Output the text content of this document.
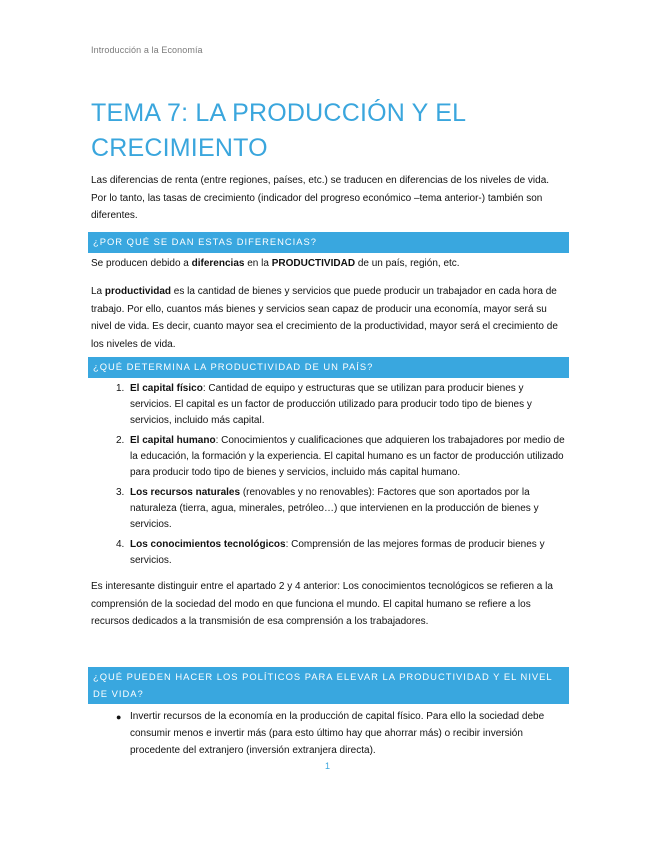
Introducción a la Economía
TEMA 7: LA PRODUCCIÓN Y EL CRECIMIENTO

Las diferencias de renta (entre regiones, países, etc.) se traducen en diferencias de los niveles de vida. Por lo tanto, las tasas de crecimiento (indicador del progreso económico –tema anterior-) también son diferentes.

¿POR QUÉ SE DAN ESTAS DIFERENCIAS?

Se producen debido a diferencias en la PRODUCTIVIDAD de un país, región, etc.

La productividad es la cantidad de bienes y servicios que puede producir un trabajador en cada hora de trabajo. Por ello, cuantos más bienes y servicios sean capaz de producir una economía, mayor será su nivel de vida. Es decir, cuanto mayor sea el crecimiento de la productividad, mayor será el crecimiento de los niveles de vida.

¿QUÉ DETERMINA LA PRODUCTIVIDAD DE UN PAÍS?
1. El capital físico: Cantidad de equipo y estructuras que se utilizan para producir bienes y servicios. El capital es un factor de producción utilizado para producir todo tipo de bienes y servicios, incluido más capital.
2. El capital humano: Conocimientos y cualificaciones que adquieren los trabajadores por medio de la educación, la formación y la experiencia. El capital humano es un factor de producción utilizado para producir todo tipo de bienes y servicios, incluido más capital humano.
3. Los recursos naturales (renovables y no renovables): Factores que son aportados por la naturaleza (tierra, agua, minerales, petróleo…) que intervienen en la producción de bienes y servicios.
4. Los conocimientos tecnológicos: Comprensión de las mejores formas de producir bienes y servicios.

Es interesante distinguir entre el apartado 2 y 4 anterior: Los conocimientos tecnológicos se refieren a la comprensión de la sociedad del modo en que funciona el mundo. El capital humano se refiere a los recursos dedicados a la transmisión de esa comprensión a los trabajadores.

¿QUÉ PUEDEN HACER LOS POLÍTICOS PARA ELEVAR LA PRODUCTIVIDAD Y EL NIVEL DE VIDA?
● Invertir recursos de la economía en la producción de capital físico. Para ello la sociedad debe consumir menos e invertir más (para esto último hay que ahorrar más) o recibir inversión procedente del extranjero (inversión extranjera directa).
1
